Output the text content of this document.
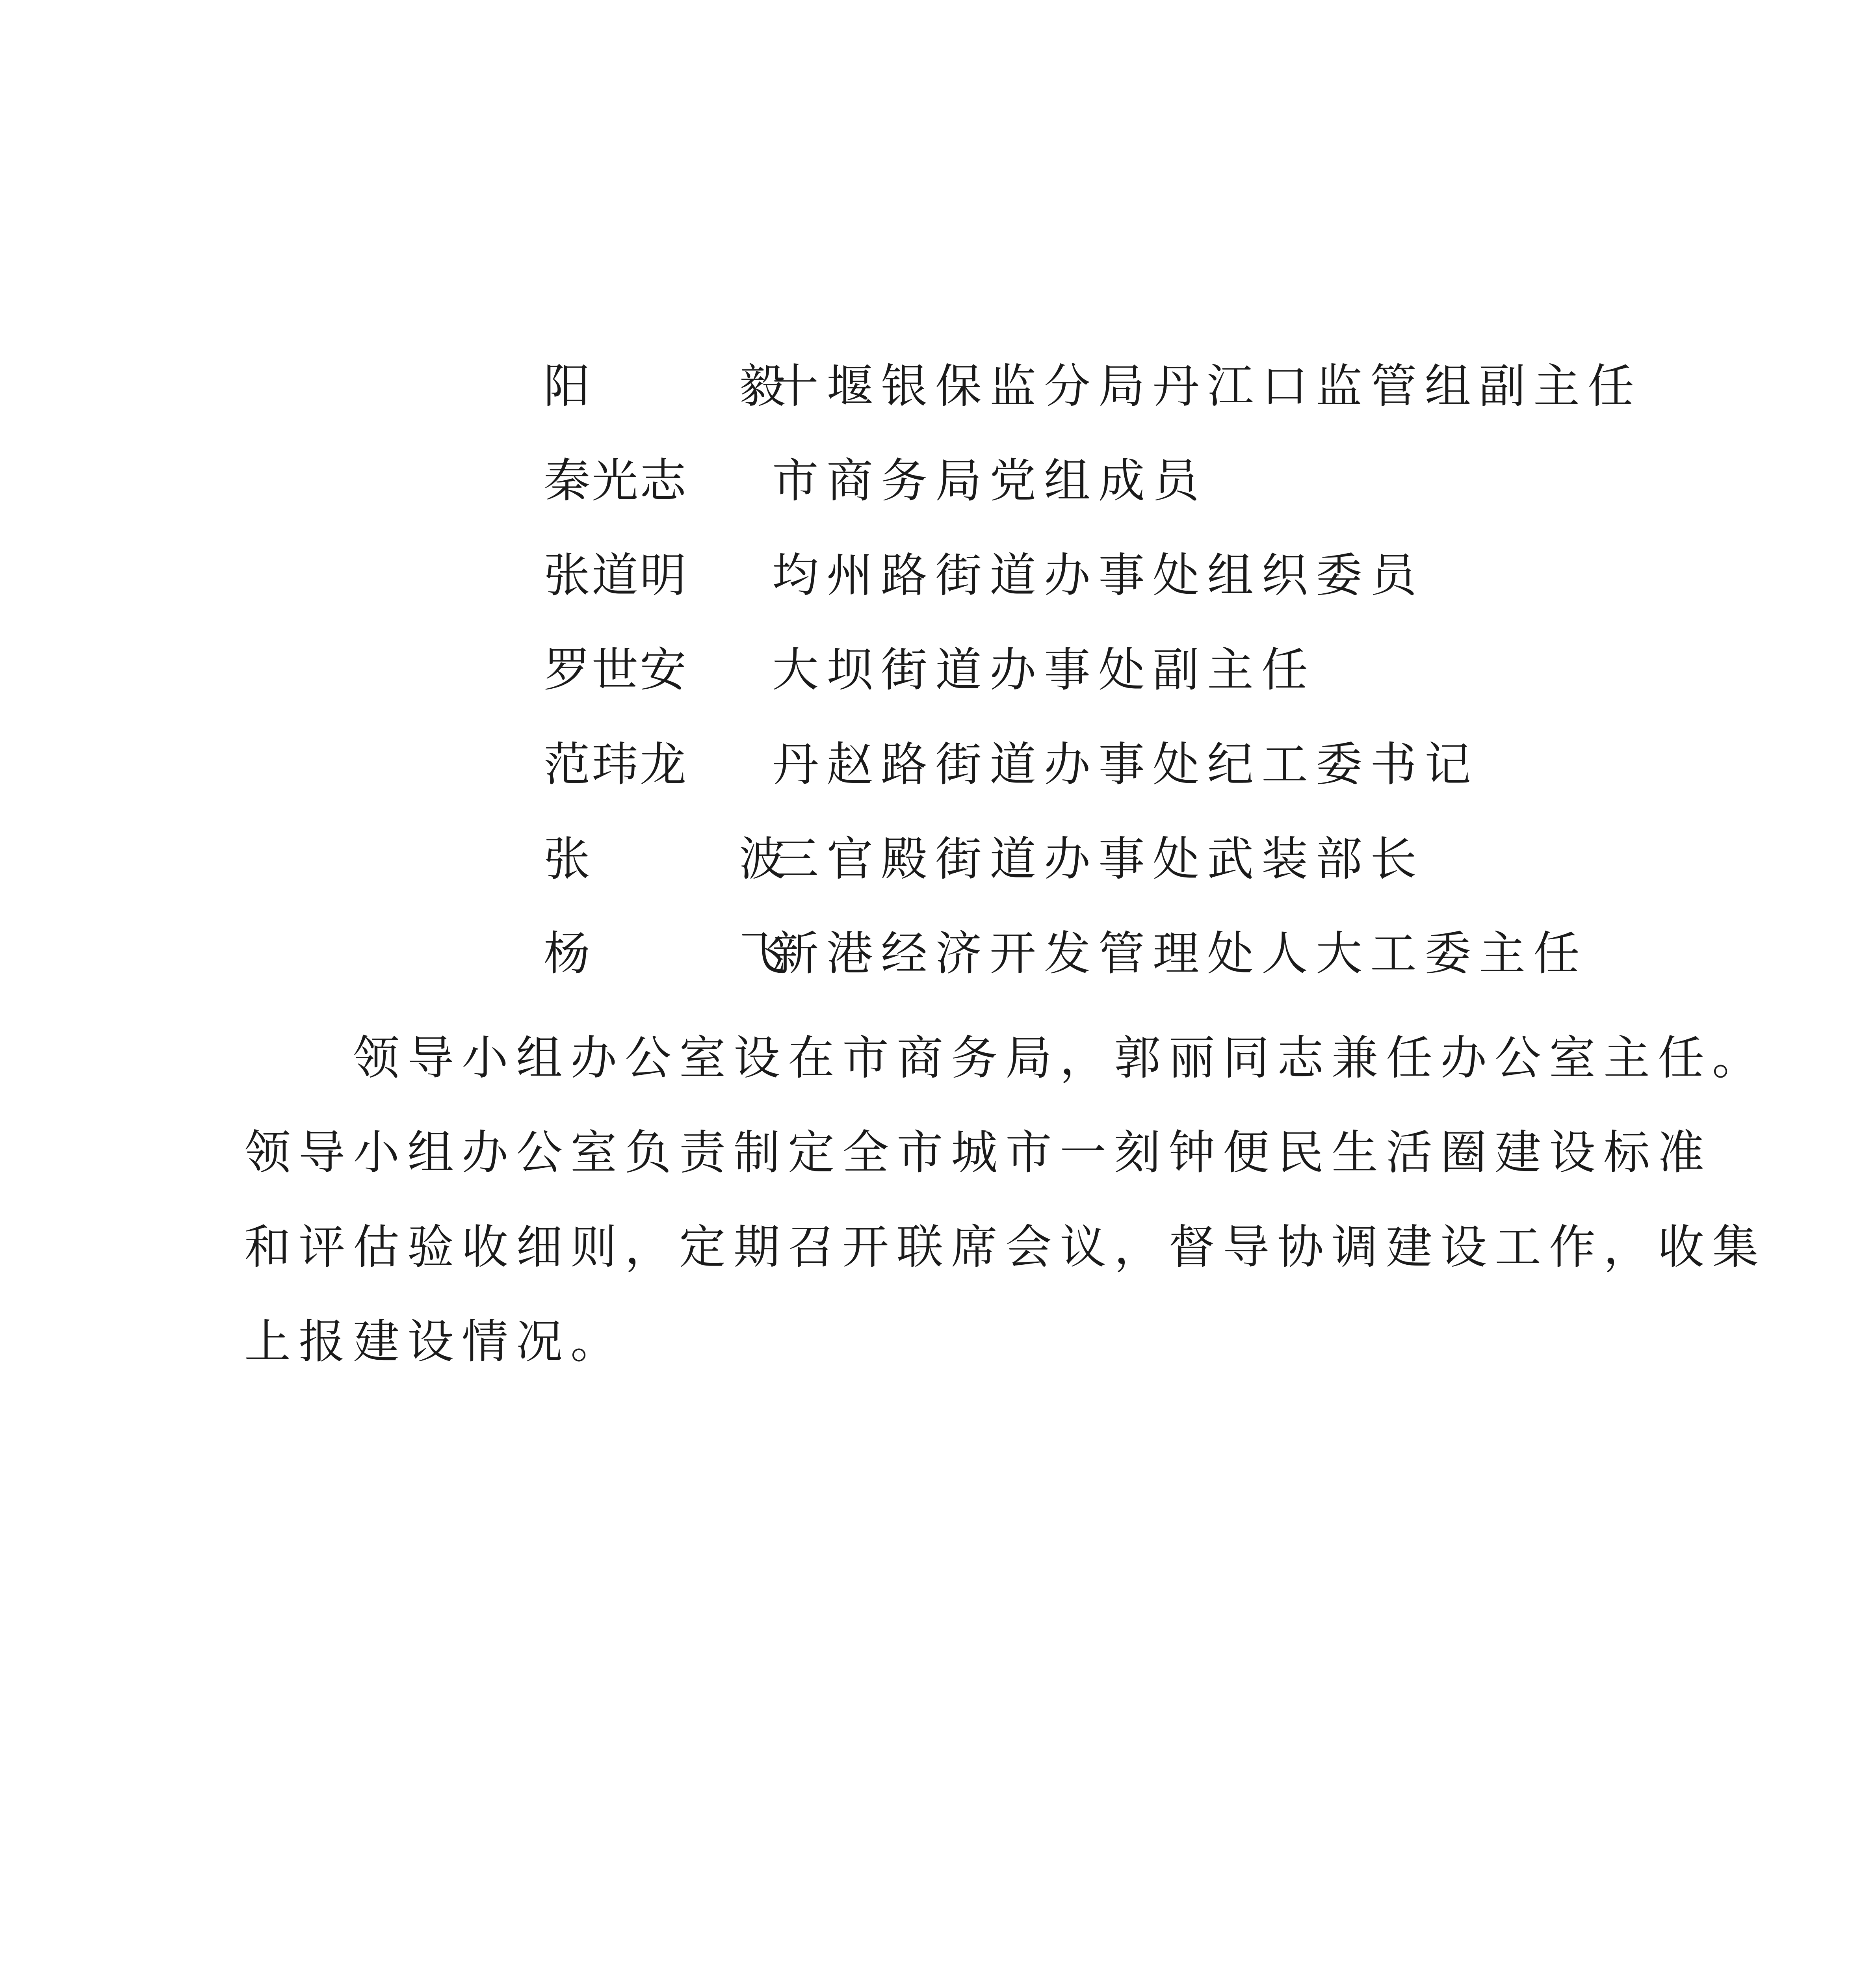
阳　毅
十堰银保监分局丹江口监管组副主任
秦光志 市商务局党组成员
张道明 均州路街道办事处组织委员
罗世安 大坝街道办事处副主任
范玮龙 丹赵路街道办事处纪工委书记
张　波
三官殿街道办事处武装部长
杨　飞
新港经济开发管理处人大工委主任
领导小组办公室设在市商务局，郭丽同志兼任办公室主任。
领导小组办公室负责制定全市城市一刻钟便民生活圈建设标准
和评估验收细则，定期召开联席会议，督导协调建设工作，收集
上报建设情况。
